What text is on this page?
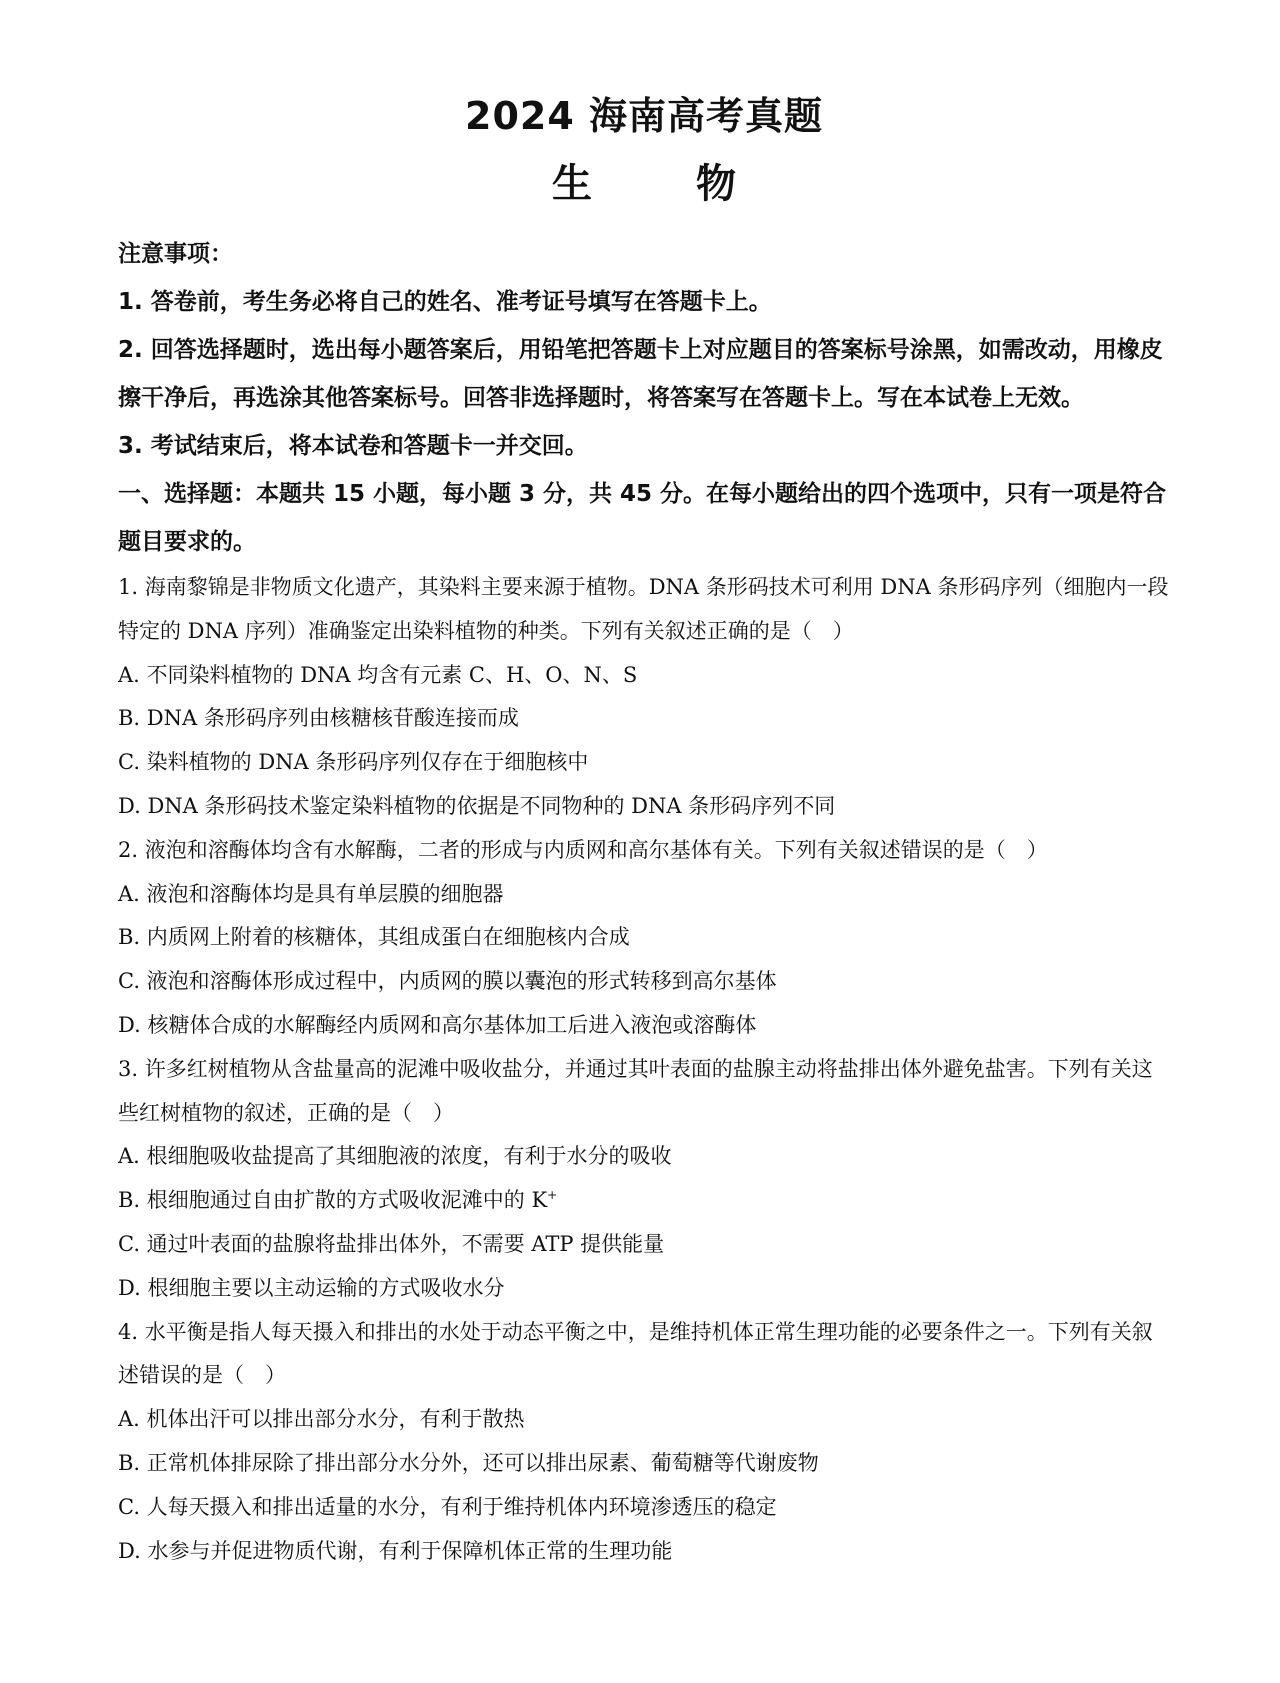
2024 海南高考真题
生 物

注意事项：

1. 答卷前，考生务必将自己的姓名、准考证号填写在答题卡上。

2. 回答选择题时，选出每小题答案后，用铅笔把答题卡上对应题目的答案标号涂黑，如需改动，用橡皮擦干净后，再选涂其他答案标号。回答非选择题时，将答案写在答题卡上。写在本试卷上无效。

3. 考试结束后，将本试卷和答题卡一并交回。

一、选择题：本题共 15 小题，每小题 3 分，共 45 分。在每小题给出的四个选项中，只有一项是符合题目要求的。

1. 海南黎锦是非物质文化遗产，其染料主要来源于植物。DNA 条形码技术可利用 DNA 条形码序列（细胞内一段特定的 DNA 序列）准确鉴定出染料植物的种类。下列有关叙述正确的是（　）

A. 不同染料植物的 DNA 均含有元素 C、H、O、N、S

B. DNA 条形码序列由核糖核苷酸连接而成

C. 染料植物的 DNA 条形码序列仅存在于细胞核中

D. DNA 条形码技术鉴定染料植物的依据是不同物种的 DNA 条形码序列不同

2. 液泡和溶酶体均含有水解酶，二者的形成与内质网和高尔基体有关。下列有关叙述错误的是（　）

A. 液泡和溶酶体均是具有单层膜的细胞器

B. 内质网上附着的核糖体，其组成蛋白在细胞核内合成

C. 液泡和溶酶体形成过程中，内质网的膜以囊泡的形式转移到高尔基体

D. 核糖体合成的水解酶经内质网和高尔基体加工后进入液泡或溶酶体

3. 许多红树植物从含盐量高的泥滩中吸收盐分，并通过其叶表面的盐腺主动将盐排出体外避免盐害。下列有关这些红树植物的叙述，正确的是（　）

A. 根细胞吸收盐提高了其细胞液的浓度，有利于水分的吸收

B. 根细胞通过自由扩散的方式吸收泥滩中的 K+

C. 通过叶表面的盐腺将盐排出体外，不需要 ATP 提供能量

D. 根细胞主要以主动运输的方式吸收水分

4. 水平衡是指人每天摄入和排出的水处于动态平衡之中，是维持机体正常生理功能的必要条件之一。下列有关叙述错误的是（　）

A. 机体出汗可以排出部分水分，有利于散热

B. 正常机体排尿除了排出部分水分外，还可以排出尿素、葡萄糖等代谢废物

C. 人每天摄入和排出适量的水分，有利于维持机体内环境渗透压的稳定

D. 水参与并促进物质代谢，有利于保障机体正常的生理功能
